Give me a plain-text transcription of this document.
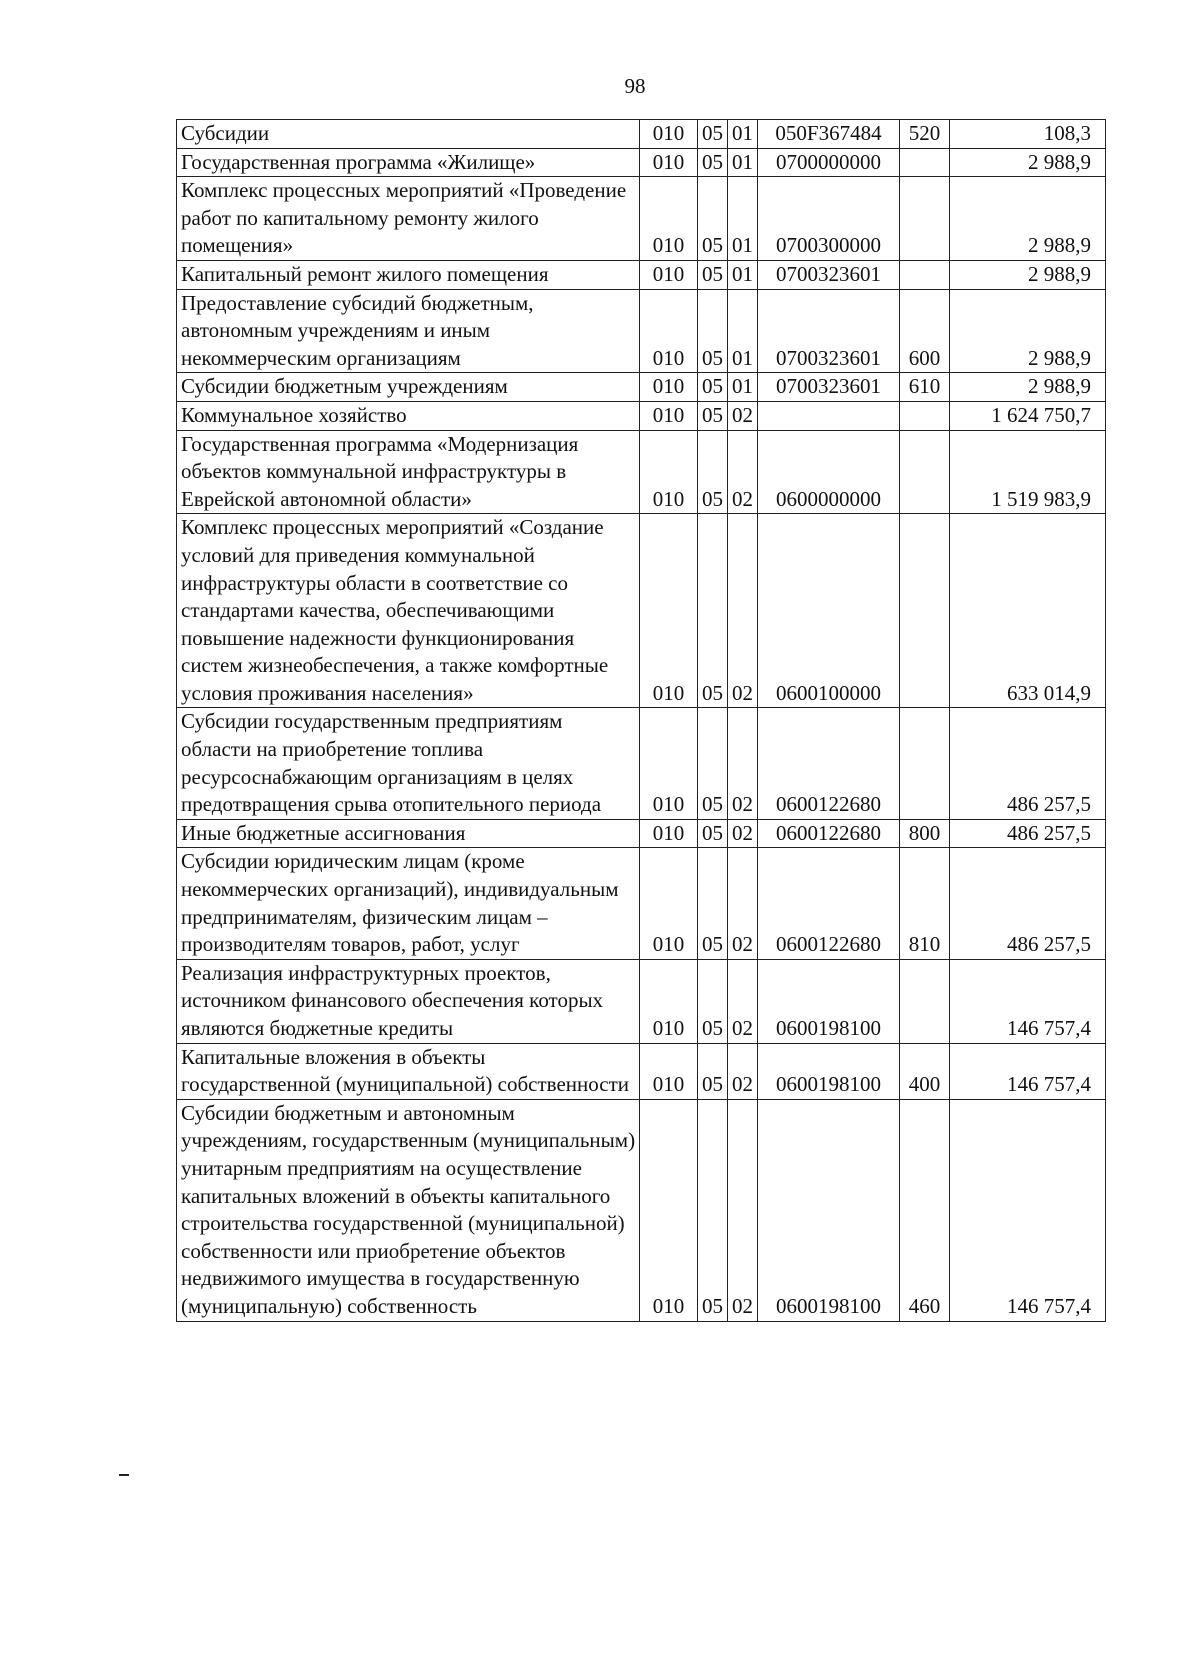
98
Субсидии	010	05	01	050F367484	520	108,3
Государственная программа «Жилище»	010	05	01	0700000000		2 988,9
Комплекс процессных мероприятий «Проведение работ по капитальному ремонту жилого помещения»	010	05	01	0700300000		2 988,9
Капитальный ремонт жилого помещения	010	05	01	0700323601		2 988,9
Предоставление субсидий бюджетным, автономным учреждениям и иным некоммерческим организациям	010	05	01	0700323601	600	2 988,9
Субсидии бюджетным учреждениям	010	05	01	0700323601	610	2 988,9
Коммунальное хозяйство	010	05	02			1 624 750,7
Государственная программа «Модернизация объектов коммунальной инфраструктуры в Еврейской автономной области»	010	05	02	0600000000		1 519 983,9
Комплекс процессных мероприятий «Создание условий для приведения коммунальной инфраструктуры области в соответствие со стандартами качества, обеспечивающими повышение надежности функционирования систем жизнеобеспечения, а также комфортные условия проживания населения»	010	05	02	0600100000		633 014,9
Субсидии государственным предприятиям области на приобретение топлива ресурсоснабжающим организациям в целях предотвращения срыва отопительного периода	010	05	02	0600122680		486 257,5
Иные бюджетные ассигнования	010	05	02	0600122680	800	486 257,5
Субсидии юридическим лицам (кроме некоммерческих организаций), индивидуальным предпринимателям, физическим лицам – производителям товаров, работ, услуг	010	05	02	0600122680	810	486 257,5
Реализация инфраструктурных проектов, источником финансового обеспечения которых являются бюджетные кредиты	010	05	02	0600198100		146 757,4
Капитальные вложения в объекты государственной (муниципальной) собственности	010	05	02	0600198100	400	146 757,4
Субсидии бюджетным и автономным учреждениям, государственным (муниципальным) унитарным предприятиям на осуществление капитальных вложений в объекты капитального строительства государственной (муниципальной) собственности или приобретение объектов недвижимого имущества в государственную (муниципальную) собственность	010	05	02	0600198100	460	146 757,4
